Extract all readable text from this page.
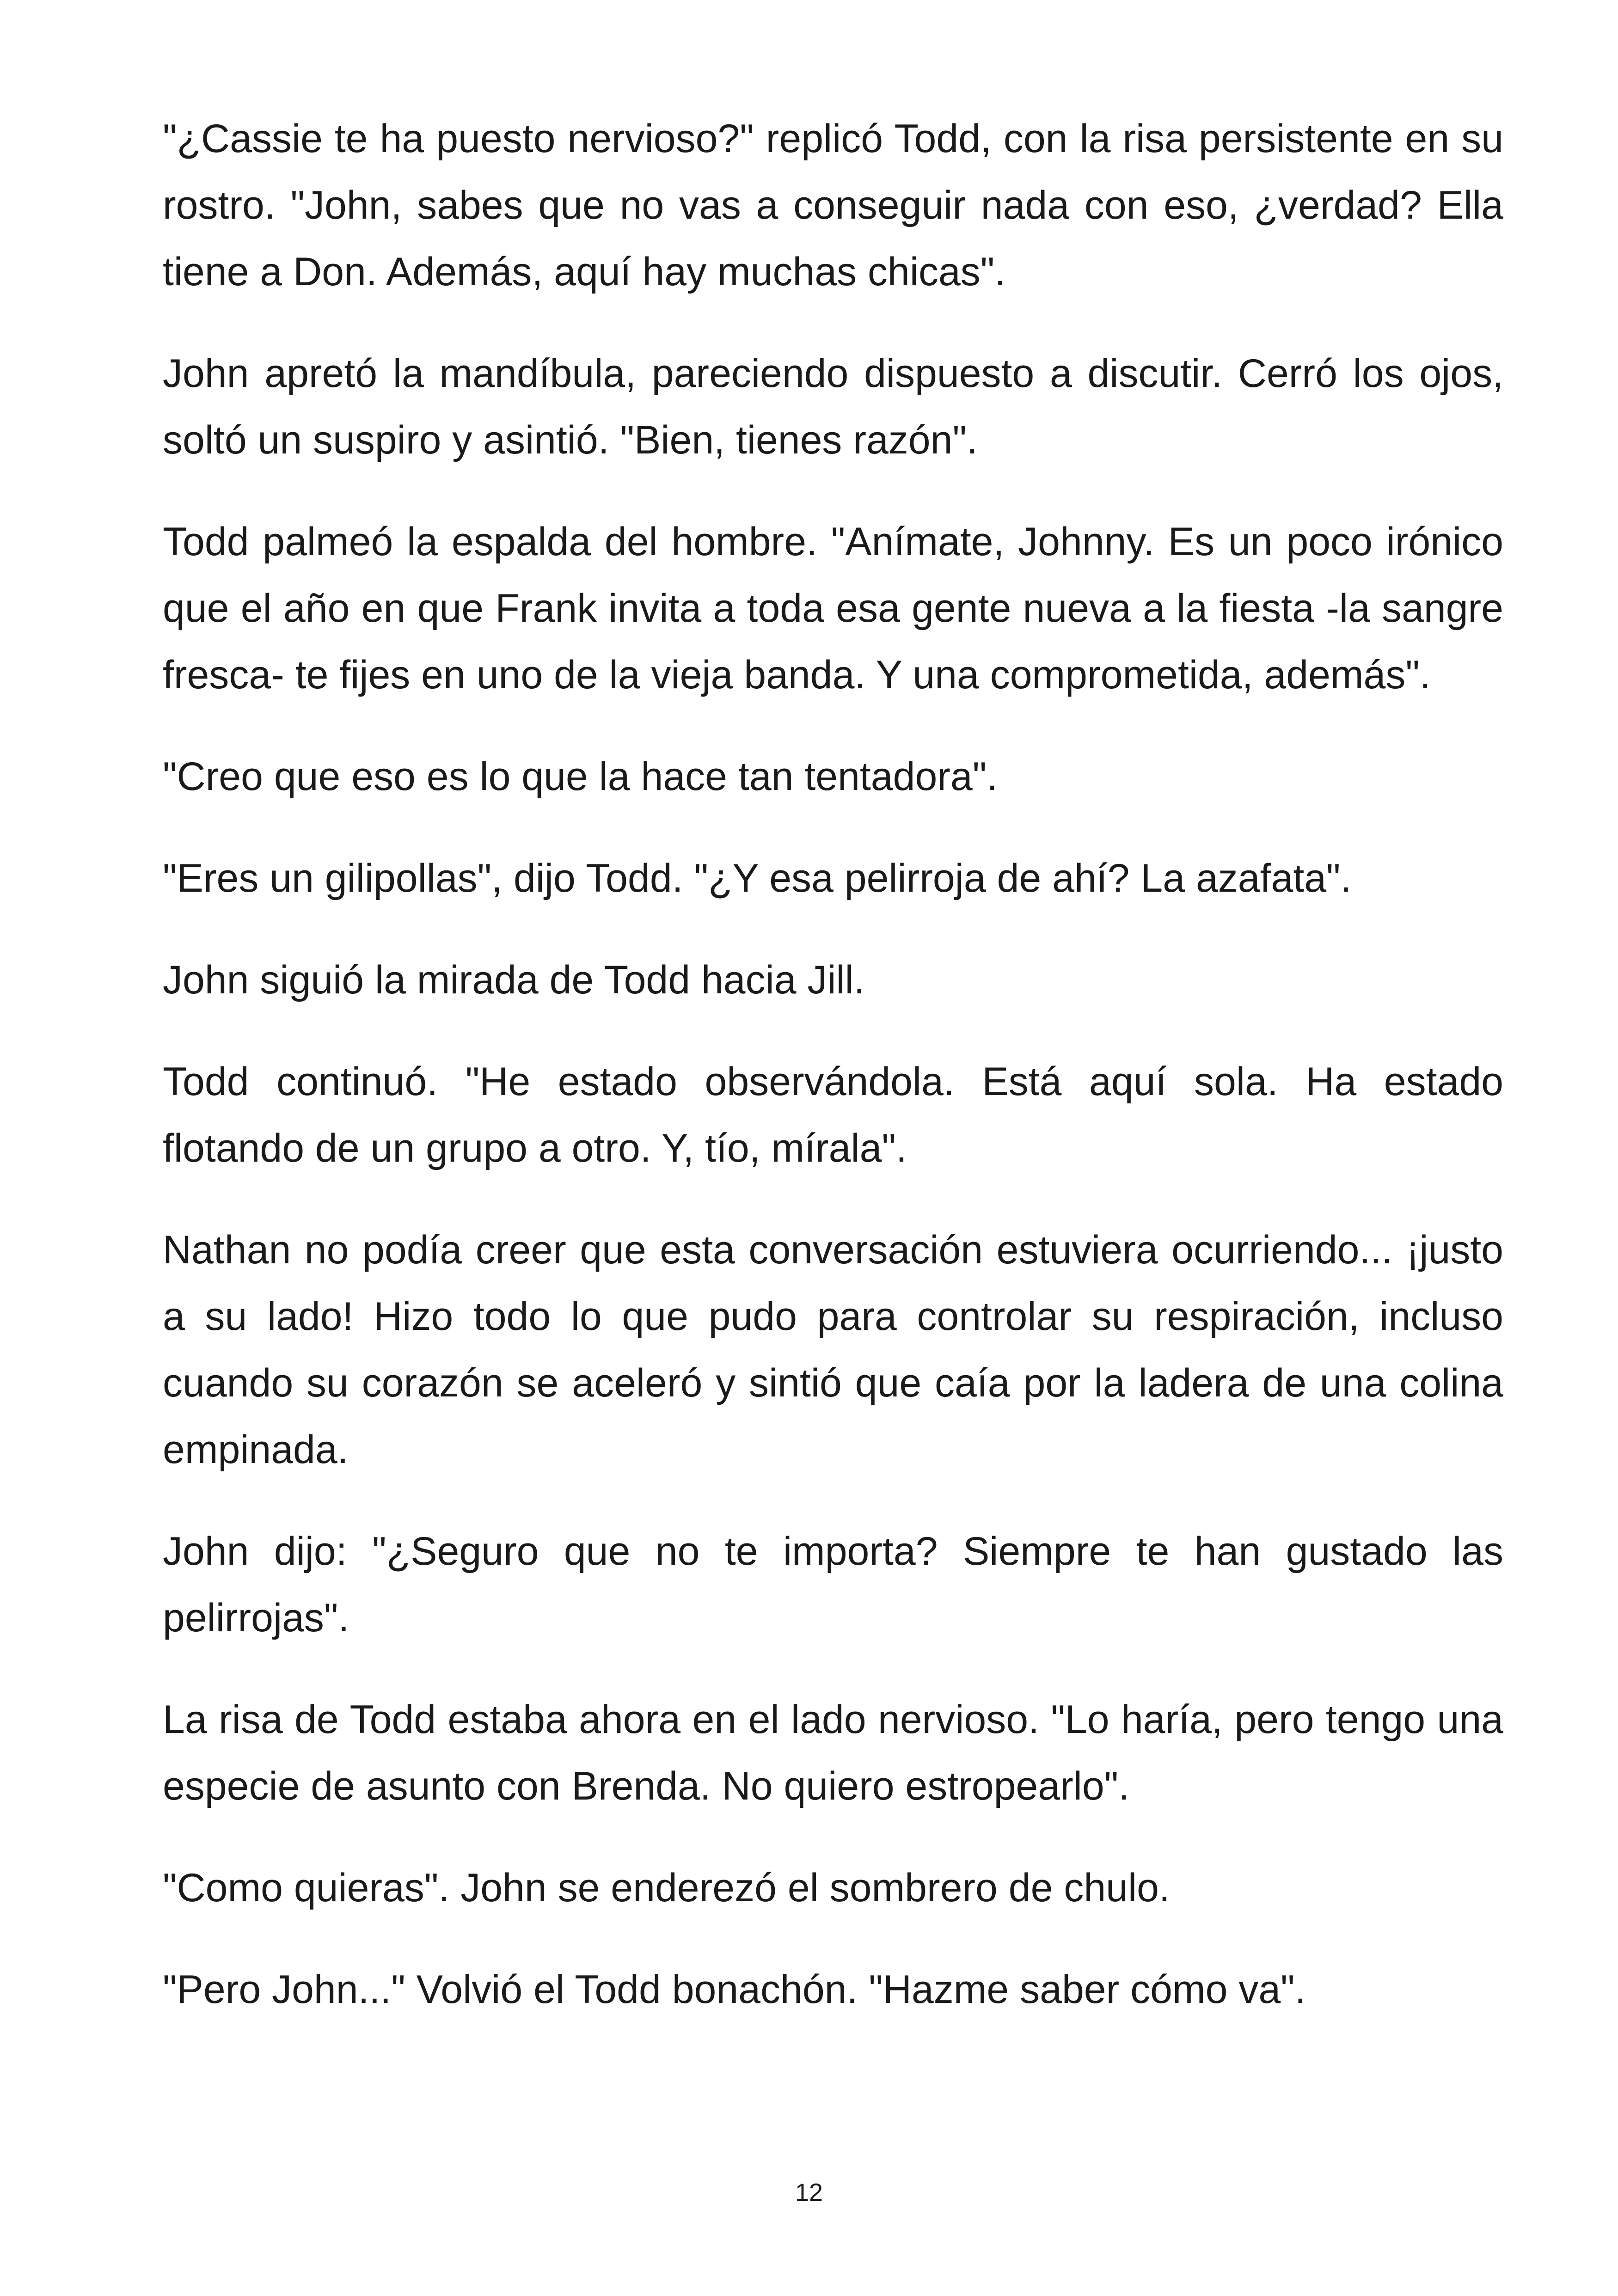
"¿Cassie te ha puesto nervioso?" replicó Todd, con la risa persistente en su rostro. "John, sabes que no vas a conseguir nada con eso, ¿verdad? Ella tiene a Don. Además, aquí hay muchas chicas".

John apretó la mandíbula, pareciendo dispuesto a discutir. Cerró los ojos, soltó un suspiro y asintió. "Bien, tienes razón".

Todd palmeó la espalda del hombre. "Anímate, Johnny. Es un poco irónico que el año en que Frank invita a toda esa gente nueva a la fiesta -la sangre fresca- te fijes en uno de la vieja banda. Y una comprometida, además".

"Creo que eso es lo que la hace tan tentadora".

"Eres un gilipollas", dijo Todd. "¿Y esa pelirroja de ahí? La azafata".

John siguió la mirada de Todd hacia Jill.

Todd continuó. "He estado observándola. Está aquí sola. Ha estado flotando de un grupo a otro. Y, tío, mírala".

Nathan no podía creer que esta conversación estuviera ocurriendo... ¡justo a su lado! Hizo todo lo que pudo para controlar su respiración, incluso cuando su corazón se aceleró y sintió que caía por la ladera de una colina empinada.

John dijo: "¿Seguro que no te importa? Siempre te han gustado las pelirrojas".

La risa de Todd estaba ahora en el lado nervioso. "Lo haría, pero tengo una especie de asunto con Brenda. No quiero estropearlo".

"Como quieras". John se enderezó el sombrero de chulo.

"Pero John..." Volvió el Todd bonachón. "Hazme saber cómo va".

12
